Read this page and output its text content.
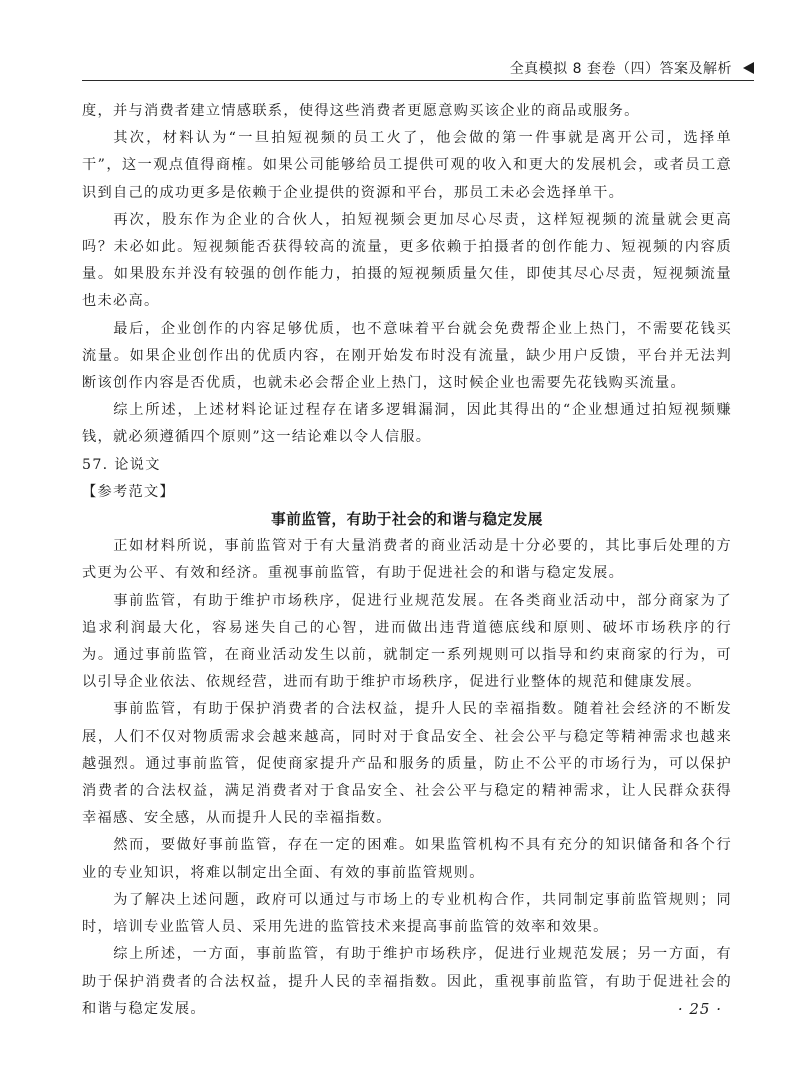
全真模拟 8 套卷（四）答案及解析

度，并与消费者建立情感联系，使得这些消费者更愿意购买该企业的商品或服务。

其次，材料认为“一旦拍短视频的员工火了，他会做的第一件事就是离开公司，选择单干”，这一观点值得商榷。如果公司能够给员工提供可观的收入和更大的发展机会，或者员工意识到自己的成功更多是依赖于企业提供的资源和平台，那员工未必会选择单干。

再次，股东作为企业的合伙人，拍短视频会更加尽心尽责，这样短视频的流量就会更高吗？未必如此。短视频能否获得较高的流量，更多依赖于拍摄者的创作能力、短视频的内容质量。如果股东并没有较强的创作能力，拍摄的短视频质量欠佳，即使其尽心尽责，短视频流量也未必高。

最后，企业创作的内容足够优质，也不意味着平台就会免费帮企业上热门，不需要花钱买流量。如果企业创作出的优质内容，在刚开始发布时没有流量，缺少用户反馈，平台并无法判断该创作内容是否优质，也就未必会帮企业上热门，这时候企业也需要先花钱购买流量。

综上所述，上述材料论证过程存在诸多逻辑漏洞，因此其得出的“企业想通过拍短视频赚钱，就必须遵循四个原则”这一结论难以令人信服。

57. 论说文

【参考范文】

事前监管，有助于社会的和谐与稳定发展

正如材料所说，事前监管对于有大量消费者的商业活动是十分必要的，其比事后处理的方式更为公平、有效和经济。重视事前监管，有助于促进社会的和谐与稳定发展。

事前监管，有助于维护市场秩序，促进行业规范发展。在各类商业活动中，部分商家为了追求利润最大化，容易迷失自己的心智，进而做出违背道德底线和原则、破坏市场秩序的行为。通过事前监管，在商业活动发生以前，就制定一系列规则可以指导和约束商家的行为，可以引导企业依法、依规经营，进而有助于维护市场秩序，促进行业整体的规范和健康发展。

事前监管，有助于保护消费者的合法权益，提升人民的幸福指数。随着社会经济的不断发展，人们不仅对物质需求会越来越高，同时对于食品安全、社会公平与稳定等精神需求也越来越强烈。通过事前监管，促使商家提升产品和服务的质量，防止不公平的市场行为，可以保护消费者的合法权益，满足消费者对于食品安全、社会公平与稳定的精神需求，让人民群众获得幸福感、安全感，从而提升人民的幸福指数。

然而，要做好事前监管，存在一定的困难。如果监管机构不具有充分的知识储备和各个行业的专业知识，将难以制定出全面、有效的事前监管规则。

为了解决上述问题，政府可以通过与市场上的专业机构合作，共同制定事前监管规则；同时，培训专业监管人员、采用先进的监管技术来提高事前监管的效率和效果。

综上所述，一方面，事前监管，有助于维护市场秩序，促进行业规范发展；另一方面，有助于保护消费者的合法权益，提升人民的幸福指数。因此，重视事前监管，有助于促进社会的和谐与稳定发展。	· 25 ·
